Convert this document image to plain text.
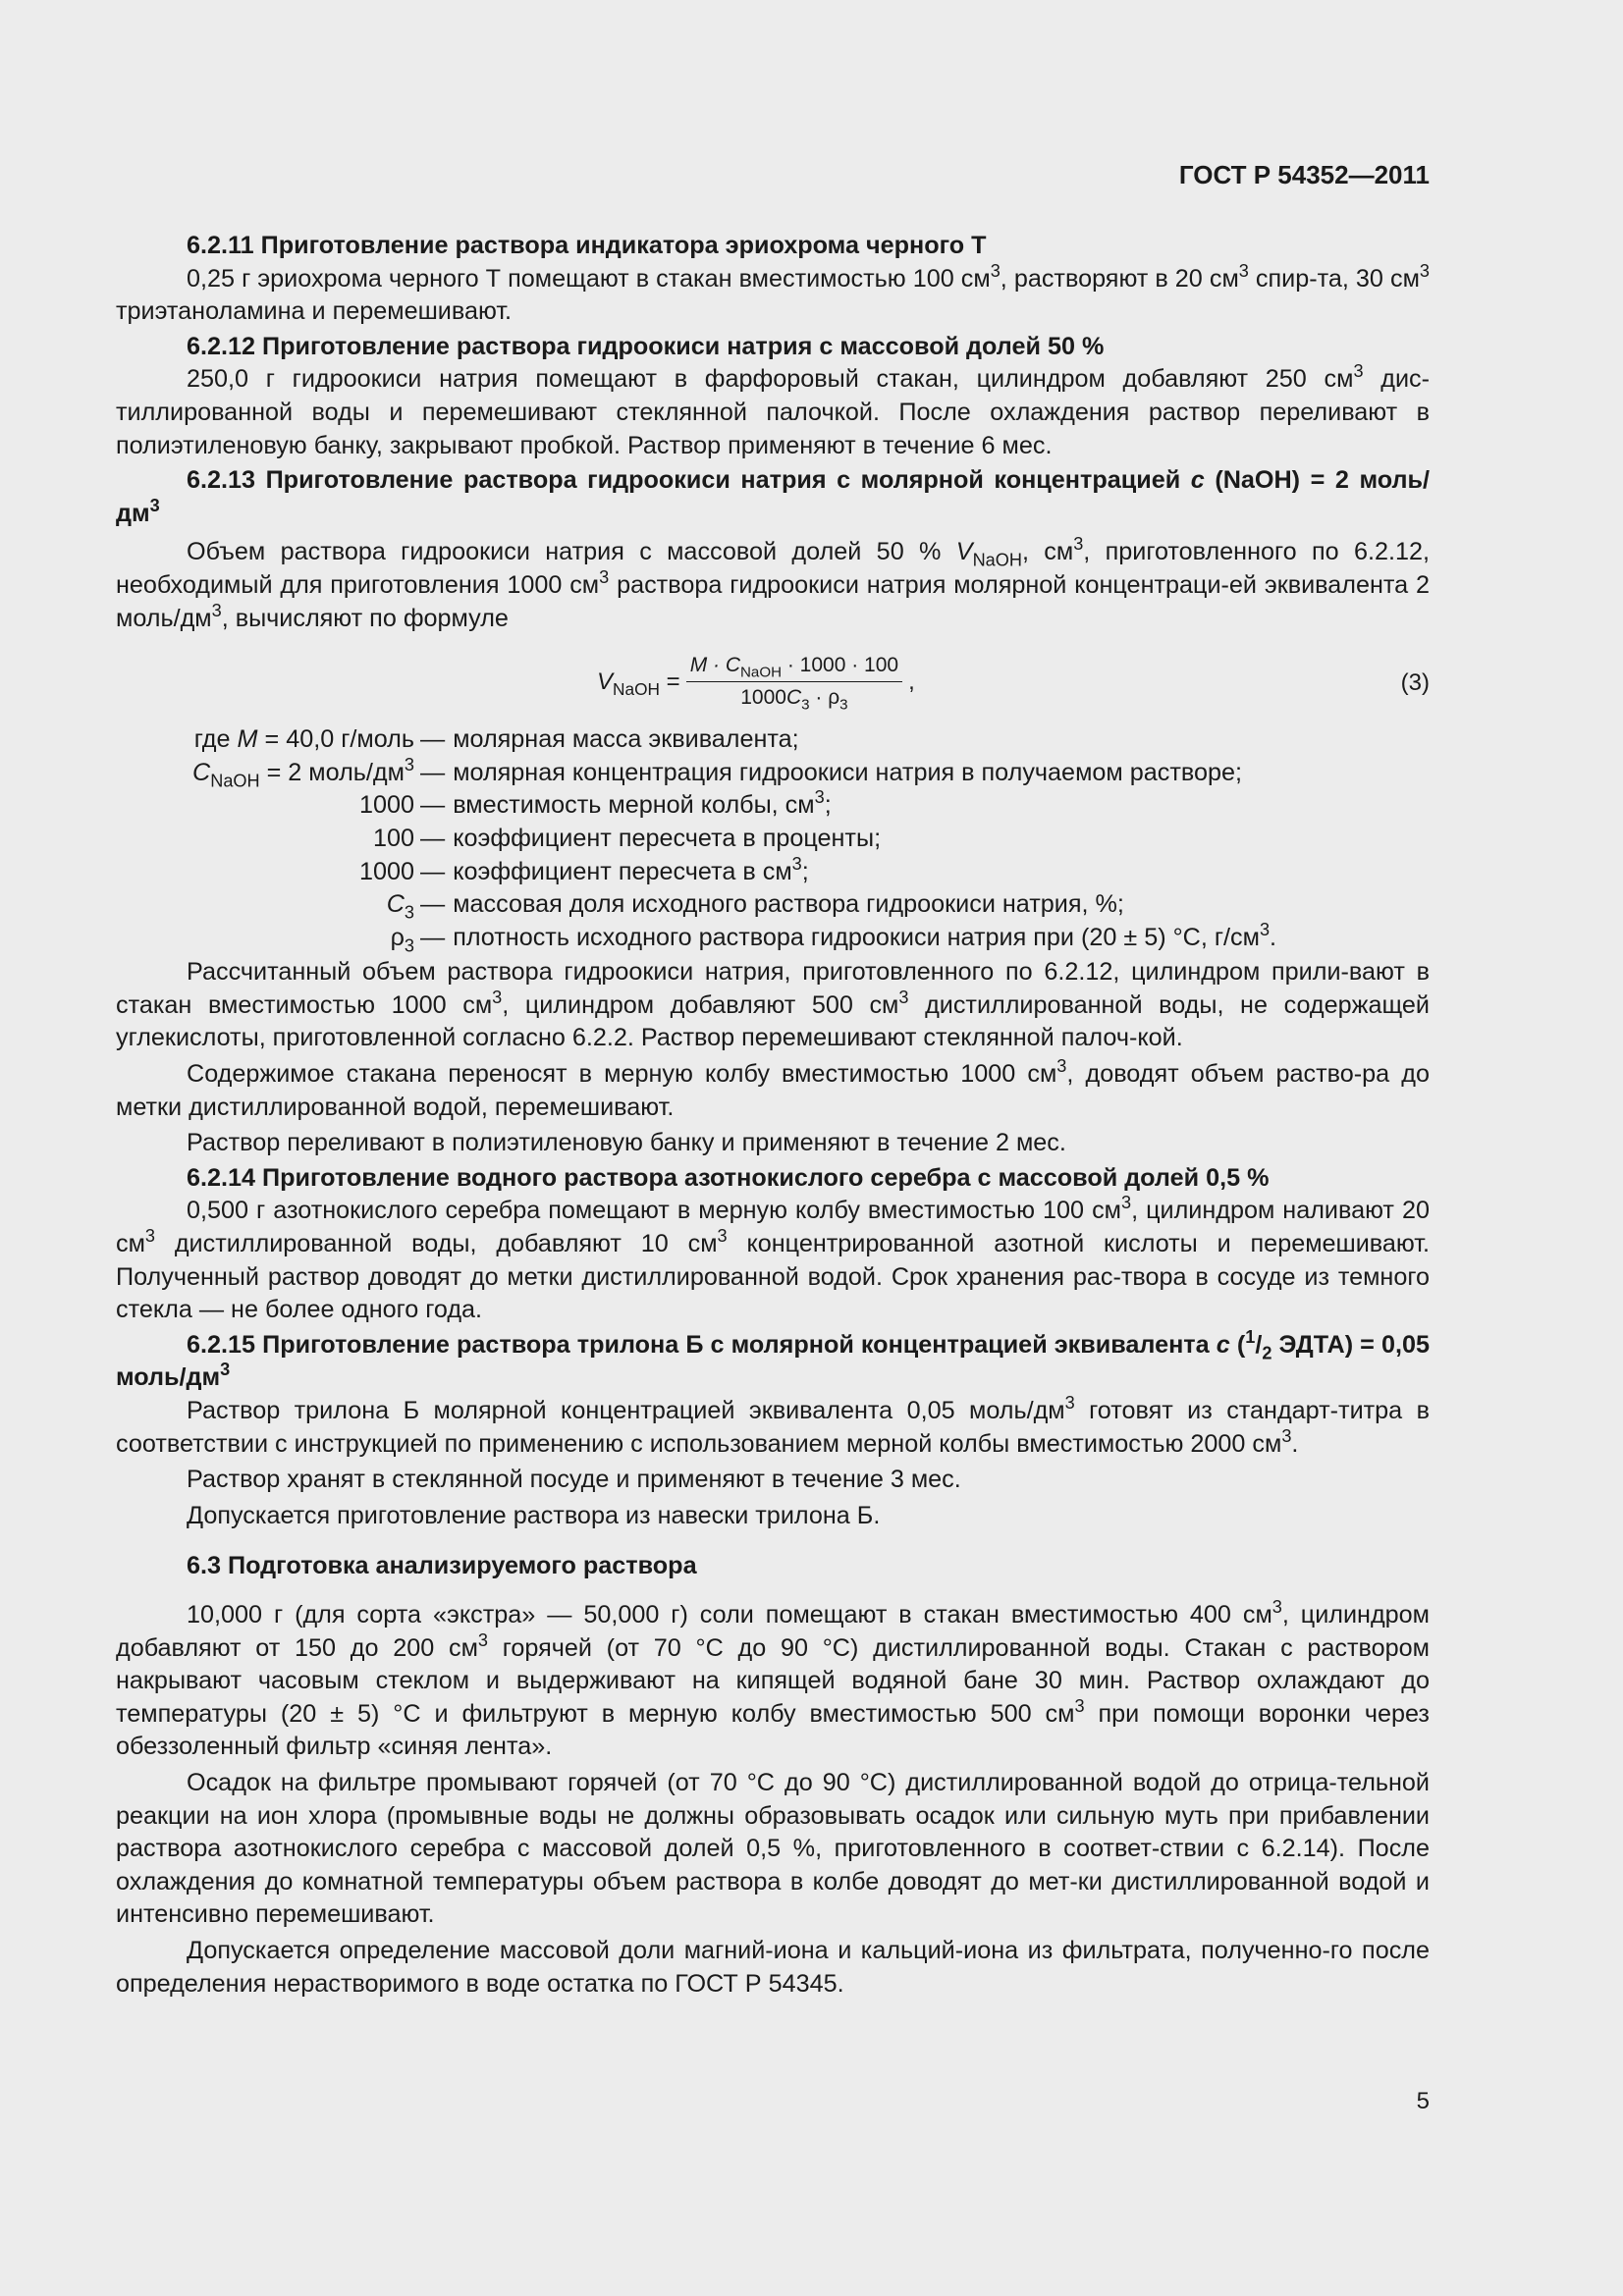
ГОСТ Р 54352—2011

6.2.11 Приготовление раствора индикатора эриохрома черного Т

0,25 г эриохрома черного Т помещают в стакан вместимостью 100 $см^3$, растворяют в 20 $см^3$ спир-та, 30 $см^3$ триэтаноламина и перемешивают.

6.2.12 Приготовление раствора гидроокиси натрия с массовой долей 50 %

250,0 г гидроокиси натрия помещают в фарфоровый стакан, цилиндром добавляют 250 $см^3$ дис-тиллированной воды и перемешивают стеклянной палочкой. После охлаждения раствор переливают в полиэтиленовую банку, закрывают пробкой. Раствор применяют в течение 6 мес.

6.2.13 Приготовление раствора гидроокиси натрия с молярной концентрацией с (NaOH) = 2 моль/$дм^3$

Объем раствора гидроокиси натрия с массовой долей 50 % $V_{NaOH}$, $см^3$, приготовленного по 6.2.12, необходимый для приготовления 1000 $см^3$ раствора гидроокиси натрия молярной концентраци-ей эквивалента 2 моль/$дм^3$, вычисляют по формуле

$V_{NaOH} = \frac{M \cdot C_{NaOH} \cdot 1000 \cdot 100}{1000C_3 \cdot \rho_3}$ ,	(3)
где М = 40,0 г/моль	—	молярная масса эквивалента;
$C_{NaOH} = 2$ моль/$дм^3$	—	молярная концентрация гидроокиси натрия в получаемом растворе;
1000	—	вместимость мерной колбы, $см^3$;
100	—	коэффициент пересчета в проценты;
1000	—	коэффициент пересчета в $см^3$;
$C_3$	—	массовая доля исходного раствора гидроокиси натрия, %;
$\rho_3$	—	плотность исходного раствора гидроокиси натрия при (20 ± 5) °С, $г/см^3$.

Рассчитанный объем раствора гидроокиси натрия, приготовленного по 6.2.12, цилиндром прили-вают в стакан вместимостью 1000 $см^3$, цилиндром добавляют 500 $см^3$ дистиллированной воды, не содержащей углекислоты, приготовленной согласно 6.2.2. Раствор перемешивают стеклянной палоч-кой.

Содержимое стакана переносят в мерную колбу вместимостью 1000 $см^3$, доводят объем раство-ра до метки дистиллированной водой, перемешивают.

Раствор переливают в полиэтиленовую банку и применяют в течение 2 мес.

6.2.14 Приготовление водного раствора азотнокислого серебра с массовой долей 0,5 %

0,500 г азотнокислого серебра помещают в мерную колбу вместимостью 100 $см^3$, цилиндром наливают 20 $см^3$ дистиллированной воды, добавляют 10 $см^3$ концентрированной азотной кислоты и перемешивают. Полученный раствор доводят до метки дистиллированной водой. Срок хранения рас-твора в сосуде из темного стекла — не более одного года.

6.2.15 Приготовление раствора трилона Б с молярной концентрацией эквивалента с ($^1/_2$ ЭДТА) = 0,05 моль/$дм^3$

Раствор трилона Б молярной концентрацией эквивалента 0,05 моль/$дм^3$ готовят из стандарт-титра в соответствии с инструкцией по применению с использованием мерной колбы вместимостью 2000 $см^3$.

Раствор хранят в стеклянной посуде и применяют в течение 3 мес.

Допускается приготовление раствора из навески трилона Б.

6.3 Подготовка анализируемого раствора

10,000 г (для сорта «экстра» — 50,000 г) соли помещают в стакан вместимостью 400 $см^3$, цилиндром добавляют от 150 до 200 $см^3$ горячей (от 70 °С до 90 °С) дистиллированной воды. Стакан с раствором накрывают часовым стеклом и выдерживают на кипящей водяной бане 30 мин. Раствор охлаждают до температуры (20 ± 5) °С и фильтруют в мерную колбу вместимостью 500 $см^3$ при помощи воронки через обеззоленный фильтр «синяя лента».

Осадок на фильтре промывают горячей (от 70 °С до 90 °С) дистиллированной водой до отрица-тельной реакции на ион хлора (промывные воды не должны образовывать осадок или сильную муть при прибавлении раствора азотнокислого серебра с массовой долей 0,5 %, приготовленного в соответ-ствии с 6.2.14). После охлаждения до комнатной температуры объем раствора в колбе доводят до мет-ки дистиллированной водой и интенсивно перемешивают.

Допускается определение массовой доли магний-иона и кальций-иона из фильтрата, полученно-го после определения нерастворимого в воде остатка по ГОСТ Р 54345.

5
